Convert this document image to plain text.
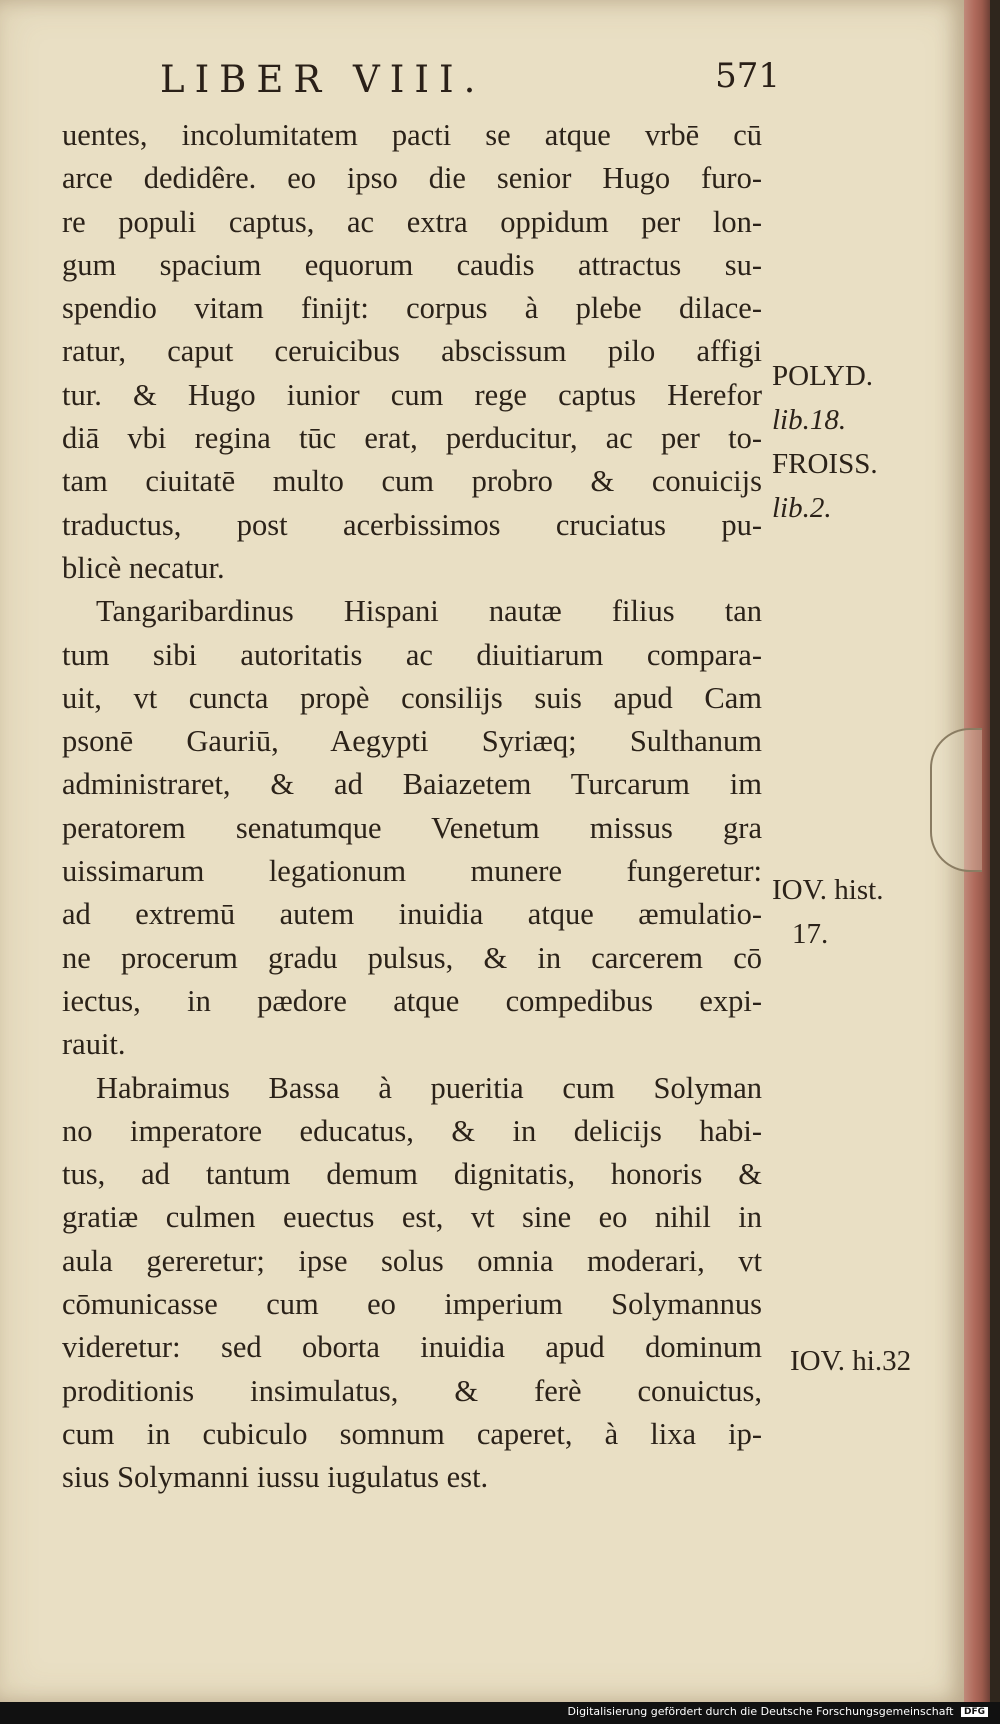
LIBER VIII.	571
uentes, incolumitatem pacti se atque vrbē cū
arce dedidêre. eo ipso die senior Hugo furo-
re populi captus, ac extra oppidum per lon-
gum spacium equorum caudis attractus su-
spendio vitam finijt: corpus à plebe dilace-
ratur, caput ceruicibus abscissum pilo affigi
tur. & Hugo iunior cum rege captus Herefor
diā vbi regina tūc erat, perducitur, ac per to-
tam ciuitatē multo cum probro & conuicijs
traductus, post acerbissimos cruciatus pu-
blicè necatur.
Tangaribardinus Hispani nautæ filius tan
tum sibi autoritatis ac diuitiarum compara-
uit, vt cuncta propè consilijs suis apud Cam
psonē Gauriū, Aegypti Syriæq; Sulthanum
administraret, & ad Baiazetem Turcarum im
peratorem senatumque Venetum missus gra
uissimarum legationum munere fungeretur:
ad extremū autem inuidia atque æmulatio-
ne procerum gradu pulsus, & in carcerem cō
iectus, in pædore atque compedibus expi-
rauit.
Habraimus Bassa à pueritia cum Solyman
no imperatore educatus, & in delicijs habi-
tus, ad tantum demum dignitatis, honoris &
gratiæ culmen euectus est, vt sine eo nihil in
aula gereretur; ipse solus omnia moderari, vt
cōmunicasse cum eo imperium Solymannus
videretur: sed oborta inuidia apud dominum
proditionis insimulatus, & ferè conuictus,
cum in cubiculo somnum caperet, à lixa ip-
sius Solymanni iussu iugulatus est.
POLYD.
lib.18.
FROISS.
lib.2.
IOV. hist.
17.
IOV. hi.32
Digitalisierung gefördert durch die Deutsche Forschungsgemeinschaft DFG
